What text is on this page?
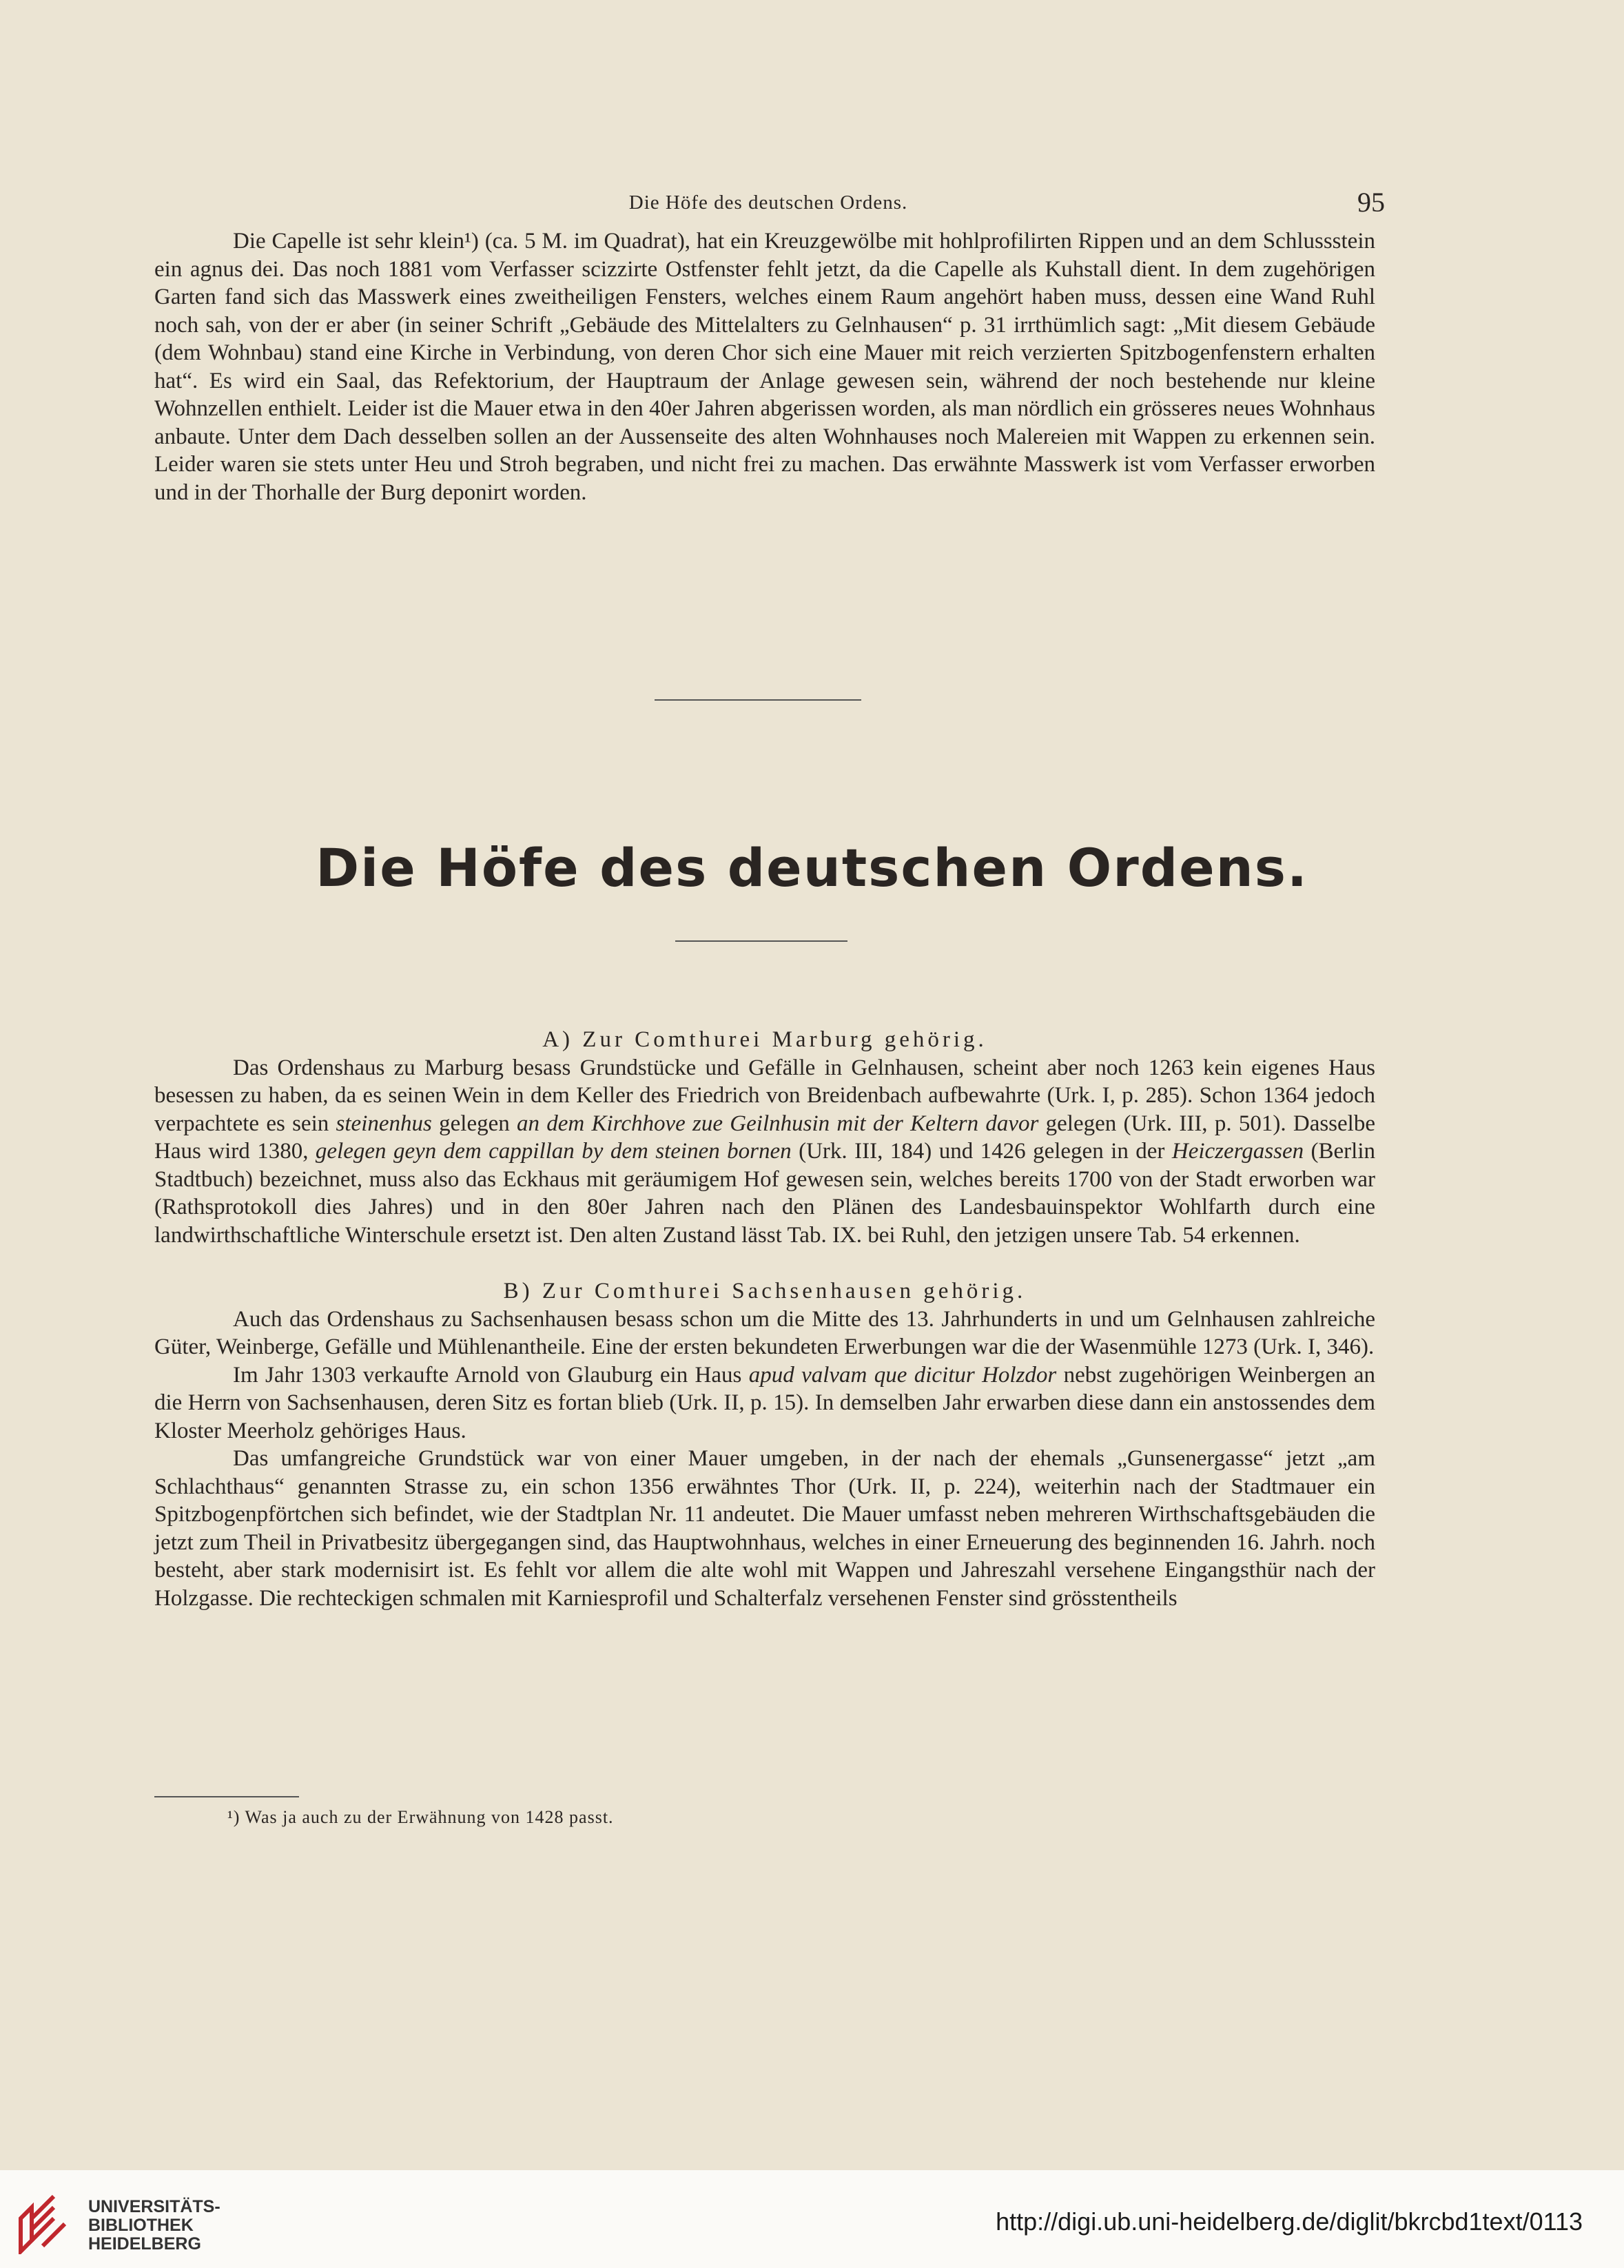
Die Höfe des deutschen Ordens.	95

Die Capelle ist sehr klein¹) (ca. 5 M. im Quadrat), hat ein Kreuzgewölbe mit hohlprofilirten Rippen und an dem Schlussstein ein agnus dei. Das noch 1881 vom Verfasser scizzirte Ostfenster fehlt jetzt, da die Capelle als Kuhstall dient. In dem zugehörigen Garten fand sich das Masswerk eines zweitheiligen Fensters, welches einem Raum angehört haben muss, dessen eine Wand Ruhl noch sah, von der er aber (in seiner Schrift „Gebäude des Mittelalters zu Gelnhausen“ p. 31 irrthümlich sagt: „Mit diesem Gebäude (dem Wohnbau) stand eine Kirche in Verbindung, von deren Chor sich eine Mauer mit reich verzierten Spitzbogenfenstern erhalten hat“. Es wird ein Saal, das Refektorium, der Hauptraum der Anlage gewesen sein, während der noch bestehende nur kleine Wohnzellen enthielt. Leider ist die Mauer etwa in den 40er Jahren abgerissen worden, als man nördlich ein grösseres neues Wohnhaus anbaute. Unter dem Dach desselben sollen an der Aussenseite des alten Wohnhauses noch Malereien mit Wappen zu erkennen sein. Leider waren sie stets unter Heu und Stroh begraben, und nicht frei zu machen. Das erwähnte Masswerk ist vom Verfasser erworben und in der Thorhalle der Burg deponirt worden.

Die Höfe des deutschen Ordens.

A) Zur Comthurei Marburg gehörig.

Das Ordenshaus zu Marburg besass Grundstücke und Gefälle in Gelnhausen, scheint aber noch 1263 kein eigenes Haus besessen zu haben, da es seinen Wein in dem Keller des Friedrich von Breidenbach aufbewahrte (Urk. I, p. 285). Schon 1364 jedoch verpachtete es sein steinenhus gelegen an dem Kirchhove zue Geilnhusin mit der Keltern davor gelegen (Urk. III, p. 501). Dasselbe Haus wird 1380, gelegen geyn dem cappillan by dem steinen bornen (Urk. III, 184) und 1426 gelegen in der Heiczergassen (Berlin Stadtbuch) bezeichnet, muss also das Eckhaus mit geräumigem Hof gewesen sein, welches bereits 1700 von der Stadt erworben war (Rathsprotokoll dies Jahres) und in den 80er Jahren nach den Plänen des Landesbauinspektor Wohlfarth durch eine landwirthschaftliche Winterschule ersetzt ist. Den alten Zustand lässt Tab. IX. bei Ruhl, den jetzigen unsere Tab. 54 erkennen.

B) Zur Comthurei Sachsenhausen gehörig.

Auch das Ordenshaus zu Sachsenhausen besass schon um die Mitte des 13. Jahrhunderts in und um Gelnhausen zahlreiche Güter, Weinberge, Gefälle und Mühlenantheile. Eine der ersten bekundeten Erwerbungen war die der Wasenmühle 1273 (Urk. I, 346).

Im Jahr 1303 verkaufte Arnold von Glauburg ein Haus apud valvam que dicitur Holzdor nebst zugehörigen Weinbergen an die Herrn von Sachsenhausen, deren Sitz es fortan blieb (Urk. II, p. 15). In demselben Jahr erwarben diese dann ein anstossendes dem Kloster Meerholz gehöriges Haus.

Das umfangreiche Grundstück war von einer Mauer umgeben, in der nach der ehemals „Gunsenergasse“ jetzt „am Schlachthaus“ genannten Strasse zu, ein schon 1356 erwähntes Thor (Urk. II, p. 224), weiterhin nach der Stadtmauer ein Spitzbogenpförtchen sich befindet, wie der Stadtplan Nr. 11 andeutet. Die Mauer umfasst neben mehreren Wirthschaftsgebäuden die jetzt zum Theil in Privatbesitz übergegangen sind, das Hauptwohnhaus, welches in einer Erneuerung des beginnenden 16. Jahrh. noch besteht, aber stark modernisirt ist. Es fehlt vor allem die alte wohl mit Wappen und Jahreszahl versehene Eingangsthür nach der Holzgasse. Die rechteckigen schmalen mit Karniesprofil und Schalterfalz versehenen Fenster sind grösstentheils

¹) Was ja auch zu der Erwähnung von 1428 passt.
UNIVERSITÄTS-
BIBLIOTHEK
HEIDELBERG
http://digi.ub.uni-heidelberg.de/diglit/bkrcbd1text/0113
